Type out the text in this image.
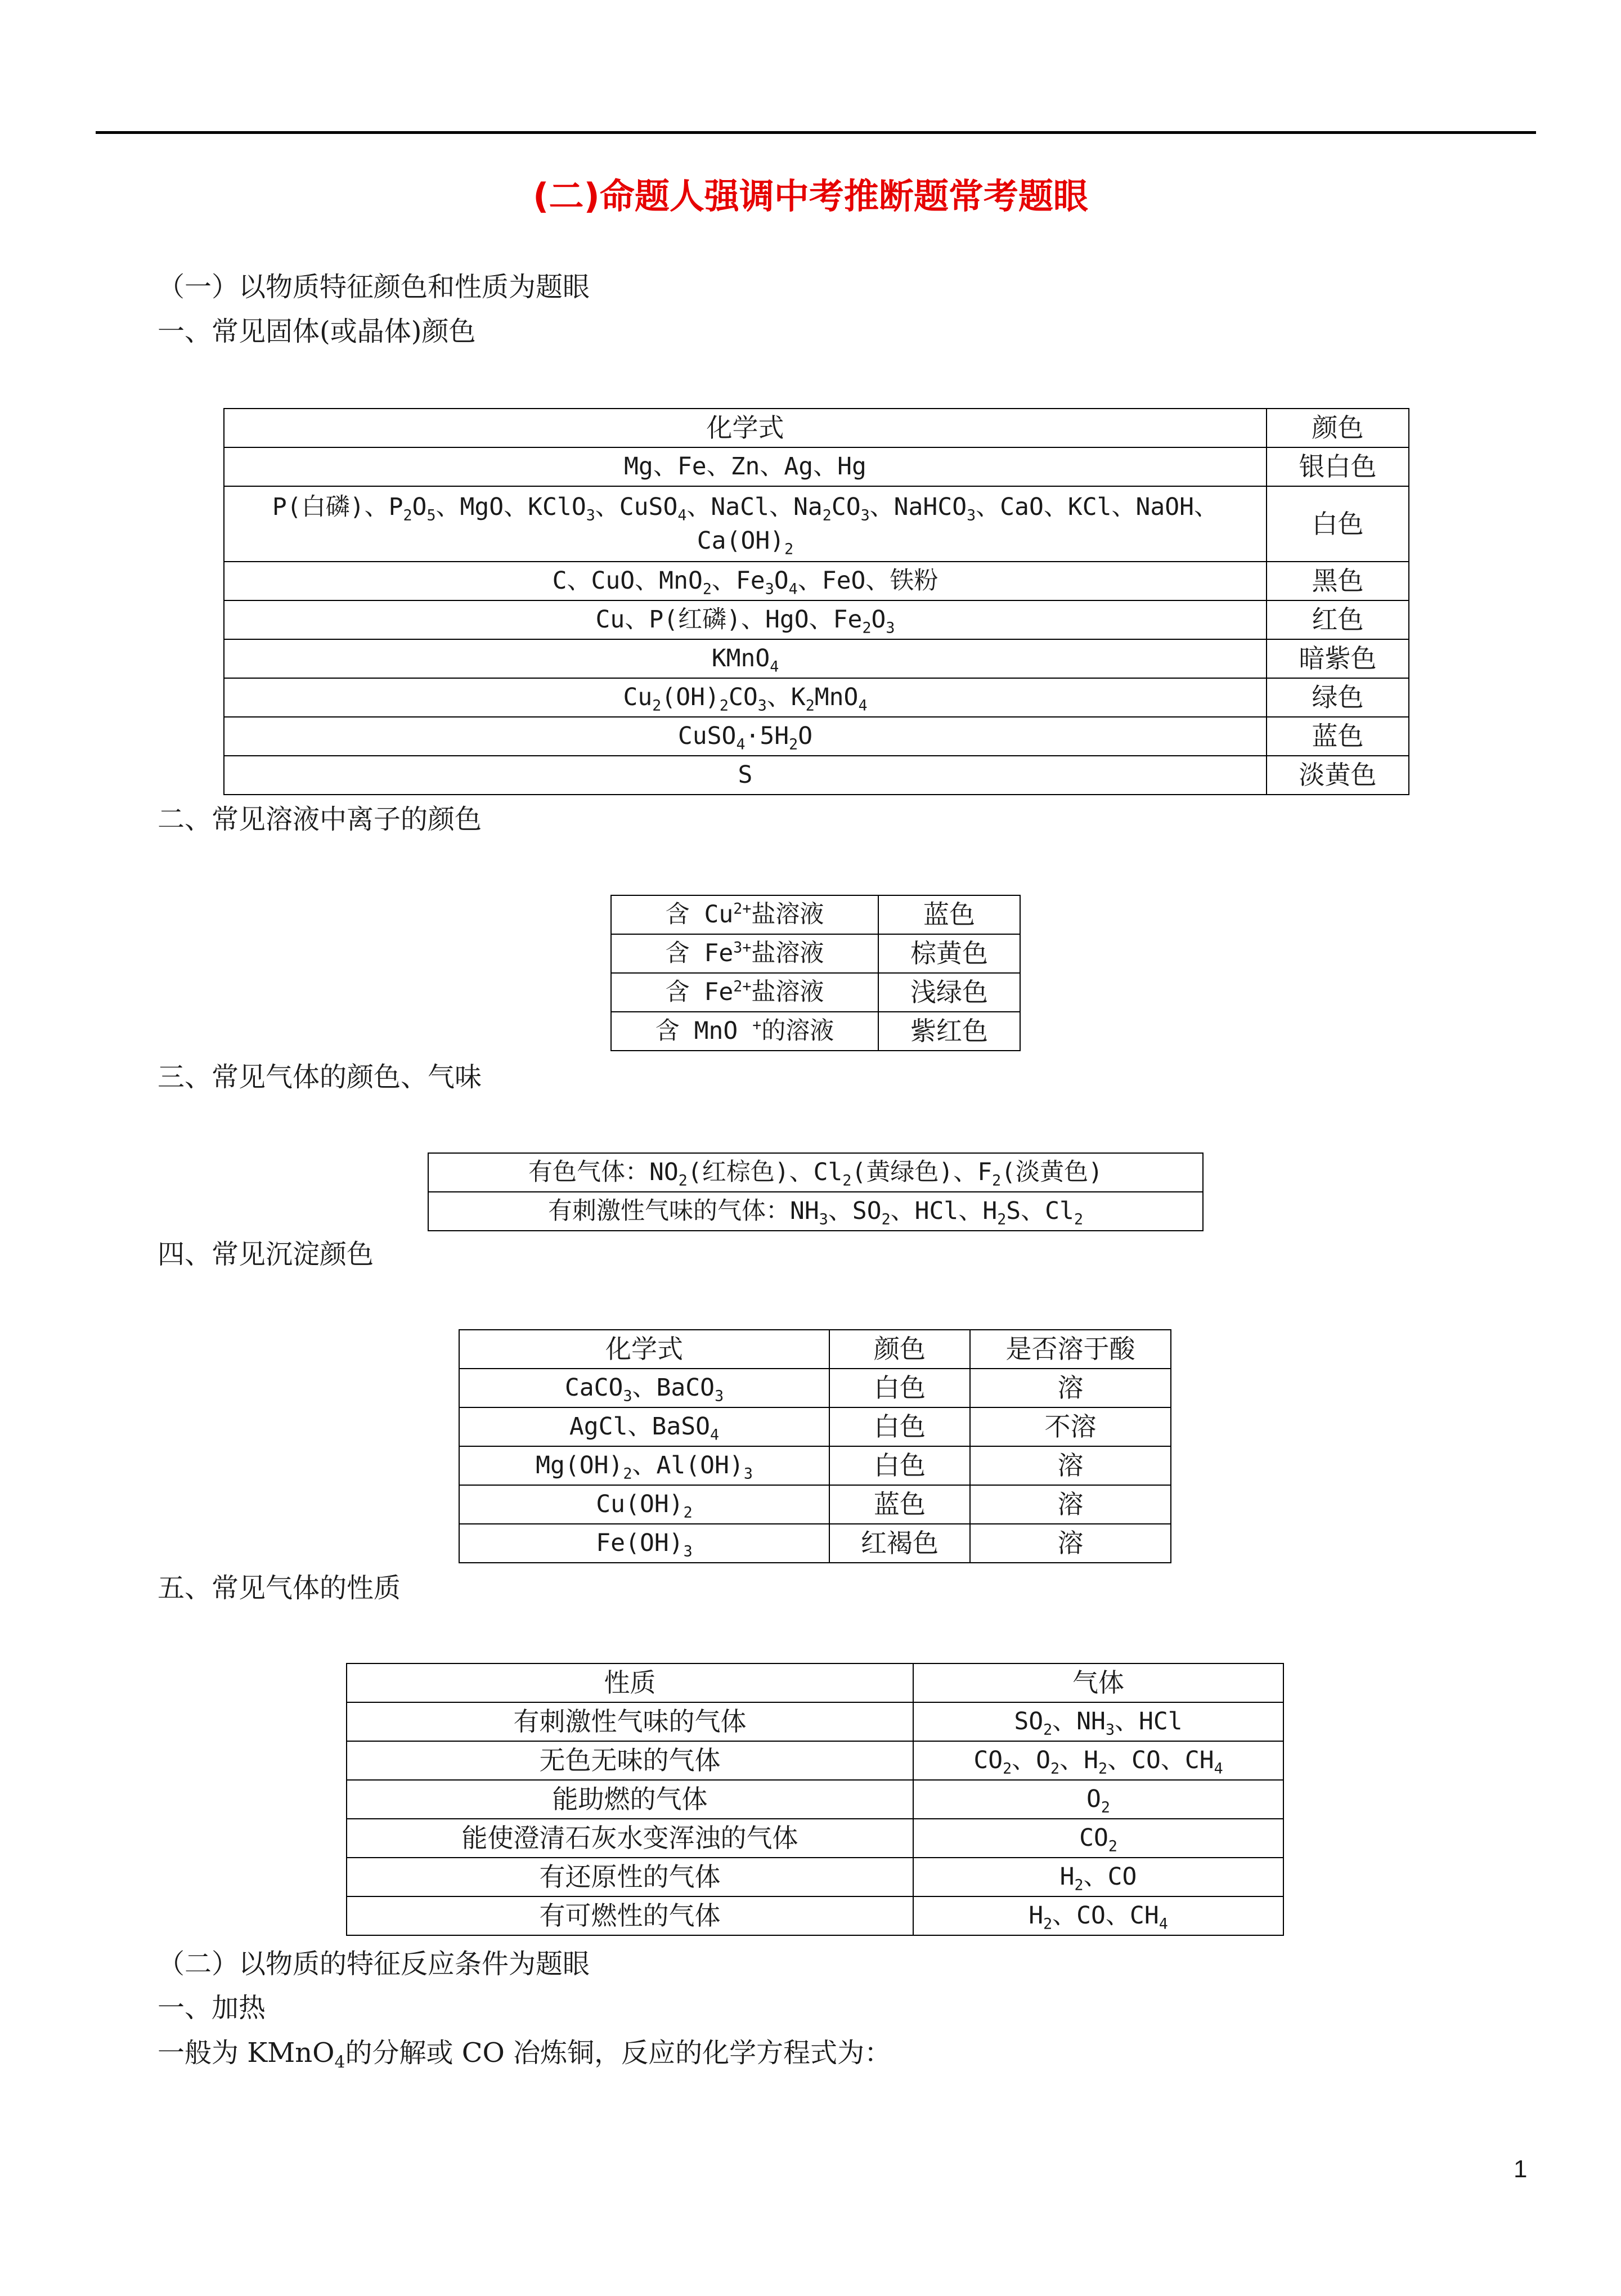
(二)命题人强调中考推断题常考题眼
（一）以物质特征颜色和性质为题眼
一、常见固体(或晶体)颜色
化学式	颜色
Mg、Fe、Zn、Ag、Hg	银白色
P(白磷)、$P_2O_5$、MgO、KClO$_3$、CuSO$_4$、NaCl、$Na_2CO_3$、NaHCO$_3$、CaO、KCl、NaOH、$Ca(OH)_2$	白色
C、CuO、MnO$_2$、$Fe_3O_4$、FeO、铁粉	黑色
Cu、P(红磷)、HgO、$Fe_2O_3$	红色
KMnO$_4$	暗紫色
$Cu_2(OH)_2CO_3$、$K_2MnO_4$	绿色
$CuSO_4\cdot 5H_2O$	蓝色
S	淡黄色
二、常见溶液中离子的颜色
含 $Cu^{2+}$盐溶液	蓝色
含 $Fe^{3+}$盐溶液	棕黄色
含 $Fe^{2+}$盐溶液	浅绿色
含 MnO +的溶液	紫红色
三、常见气体的颜色、气味
有色气体：$NO_2$(红棕色)、$Cl_2$(黄绿色)、$F_2$(淡黄色)
有刺激性气味的气体：$NH_3$、$SO_2$、HCl、$H_2S$、$Cl_2$
四、常见沉淀颜色
化学式	颜色	是否溶于酸
CaCO$_3$、BaCO$_3$	白色	溶
AgCl、BaSO$_4$	白色	不溶
$Mg(OH)_2$、$Al(OH)_3$	白色	溶
$Cu(OH)_2$	蓝色	溶
$Fe(OH)_3$	红褐色	溶
五、常见气体的性质
性质	气体
有刺激性气味的气体	$SO_2$、$NH_3$、HCl
无色无味的气体	$CO_2$、$O_2$、$H_2$、CO、$CH_4$
能助燃的气体	$O_2$
能使澄清石灰水变浑浊的气体	$CO_2$
有还原性的气体	$H_2$、CO
有可燃性的气体	$H_2$、CO、$CH_4$
（二）以物质的特征反应条件为题眼
一、加热
一般为 KMnO$_4$的分解或 CO 冶炼铜，反应的化学方程式为：
1
